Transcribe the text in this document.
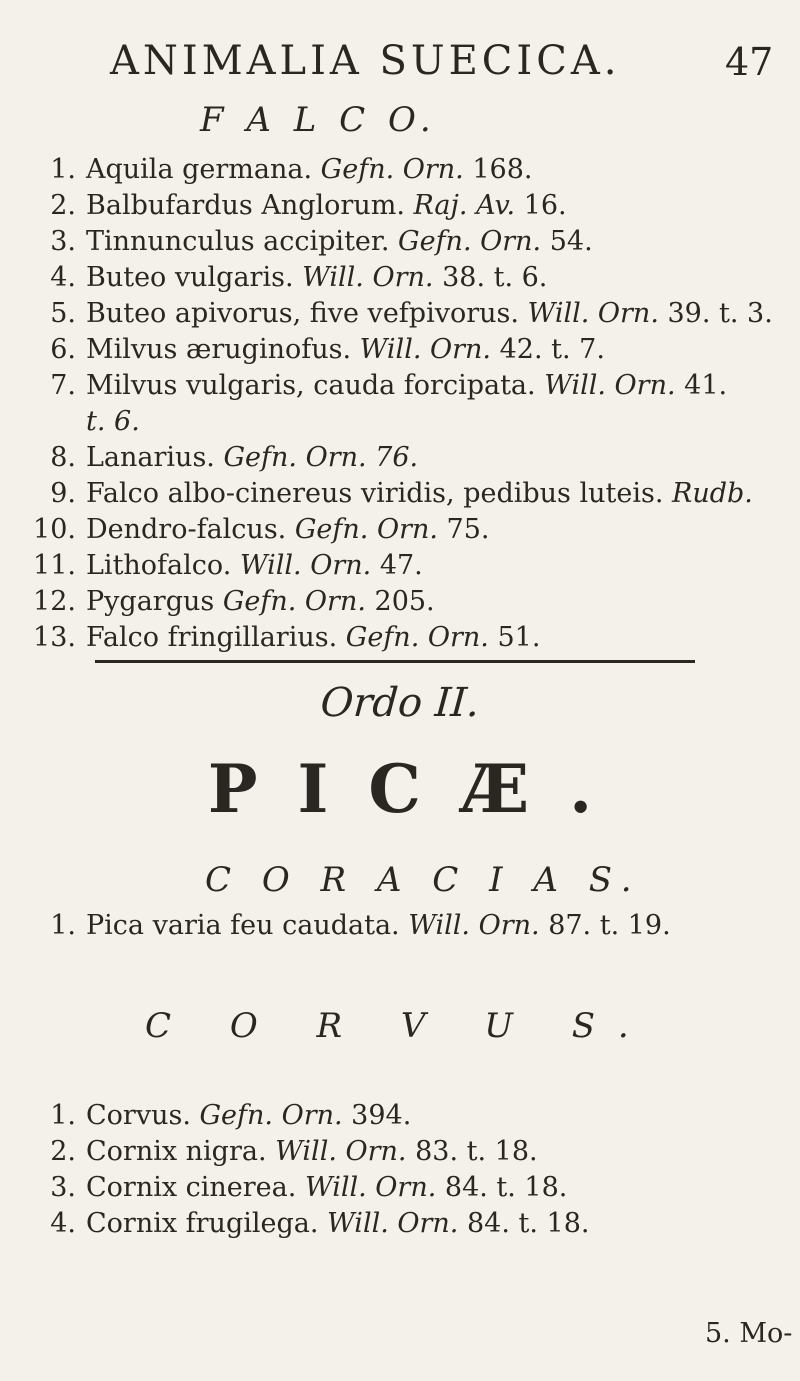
ANIMALIA SUECICA.	47
F A L C O.
1. Aquila germana. Gefn. Orn. 168.
2. Balbufardus Anglorum. Raj. Av. 16.
3. Tinnunculus accipiter. Gefn. Orn. 54.
4. Buteo vulgaris. Will. Orn. 38. t. 6.
5. Buteo apivorus, five vefpivorus. Will. Orn. 39. t. 3.
6. Milvus æruginofus. Will. Orn. 42. t. 7.
7. Milvus vulgaris, cauda forcipata. Will. Orn. 41.
t. 6.
8. Lanarius. Gefn. Orn. 76.
9. Falco albo-cinereus viridis, pedibus luteis. Rudb.
10. Dendro-falcus. Gefn. Orn. 75.
11. Lithofalco. Will. Orn. 47.
12. Pygargus Gefn. Orn. 205.
13. Falco fringillarius. Gefn. Orn. 51.
Ordo II.
PICÆ.
C O R A C I A S.
1. Pica varia feu caudata. Will. Orn. 87. t. 19.
C O R V U S.
1. Corvus. Gefn. Orn. 394.
2. Cornix nigra. Will. Orn. 83. t. 18.
3. Cornix cinerea. Will. Orn. 84. t. 18.
4. Cornix frugilega. Will. Orn. 84. t. 18.
5. Mo-
